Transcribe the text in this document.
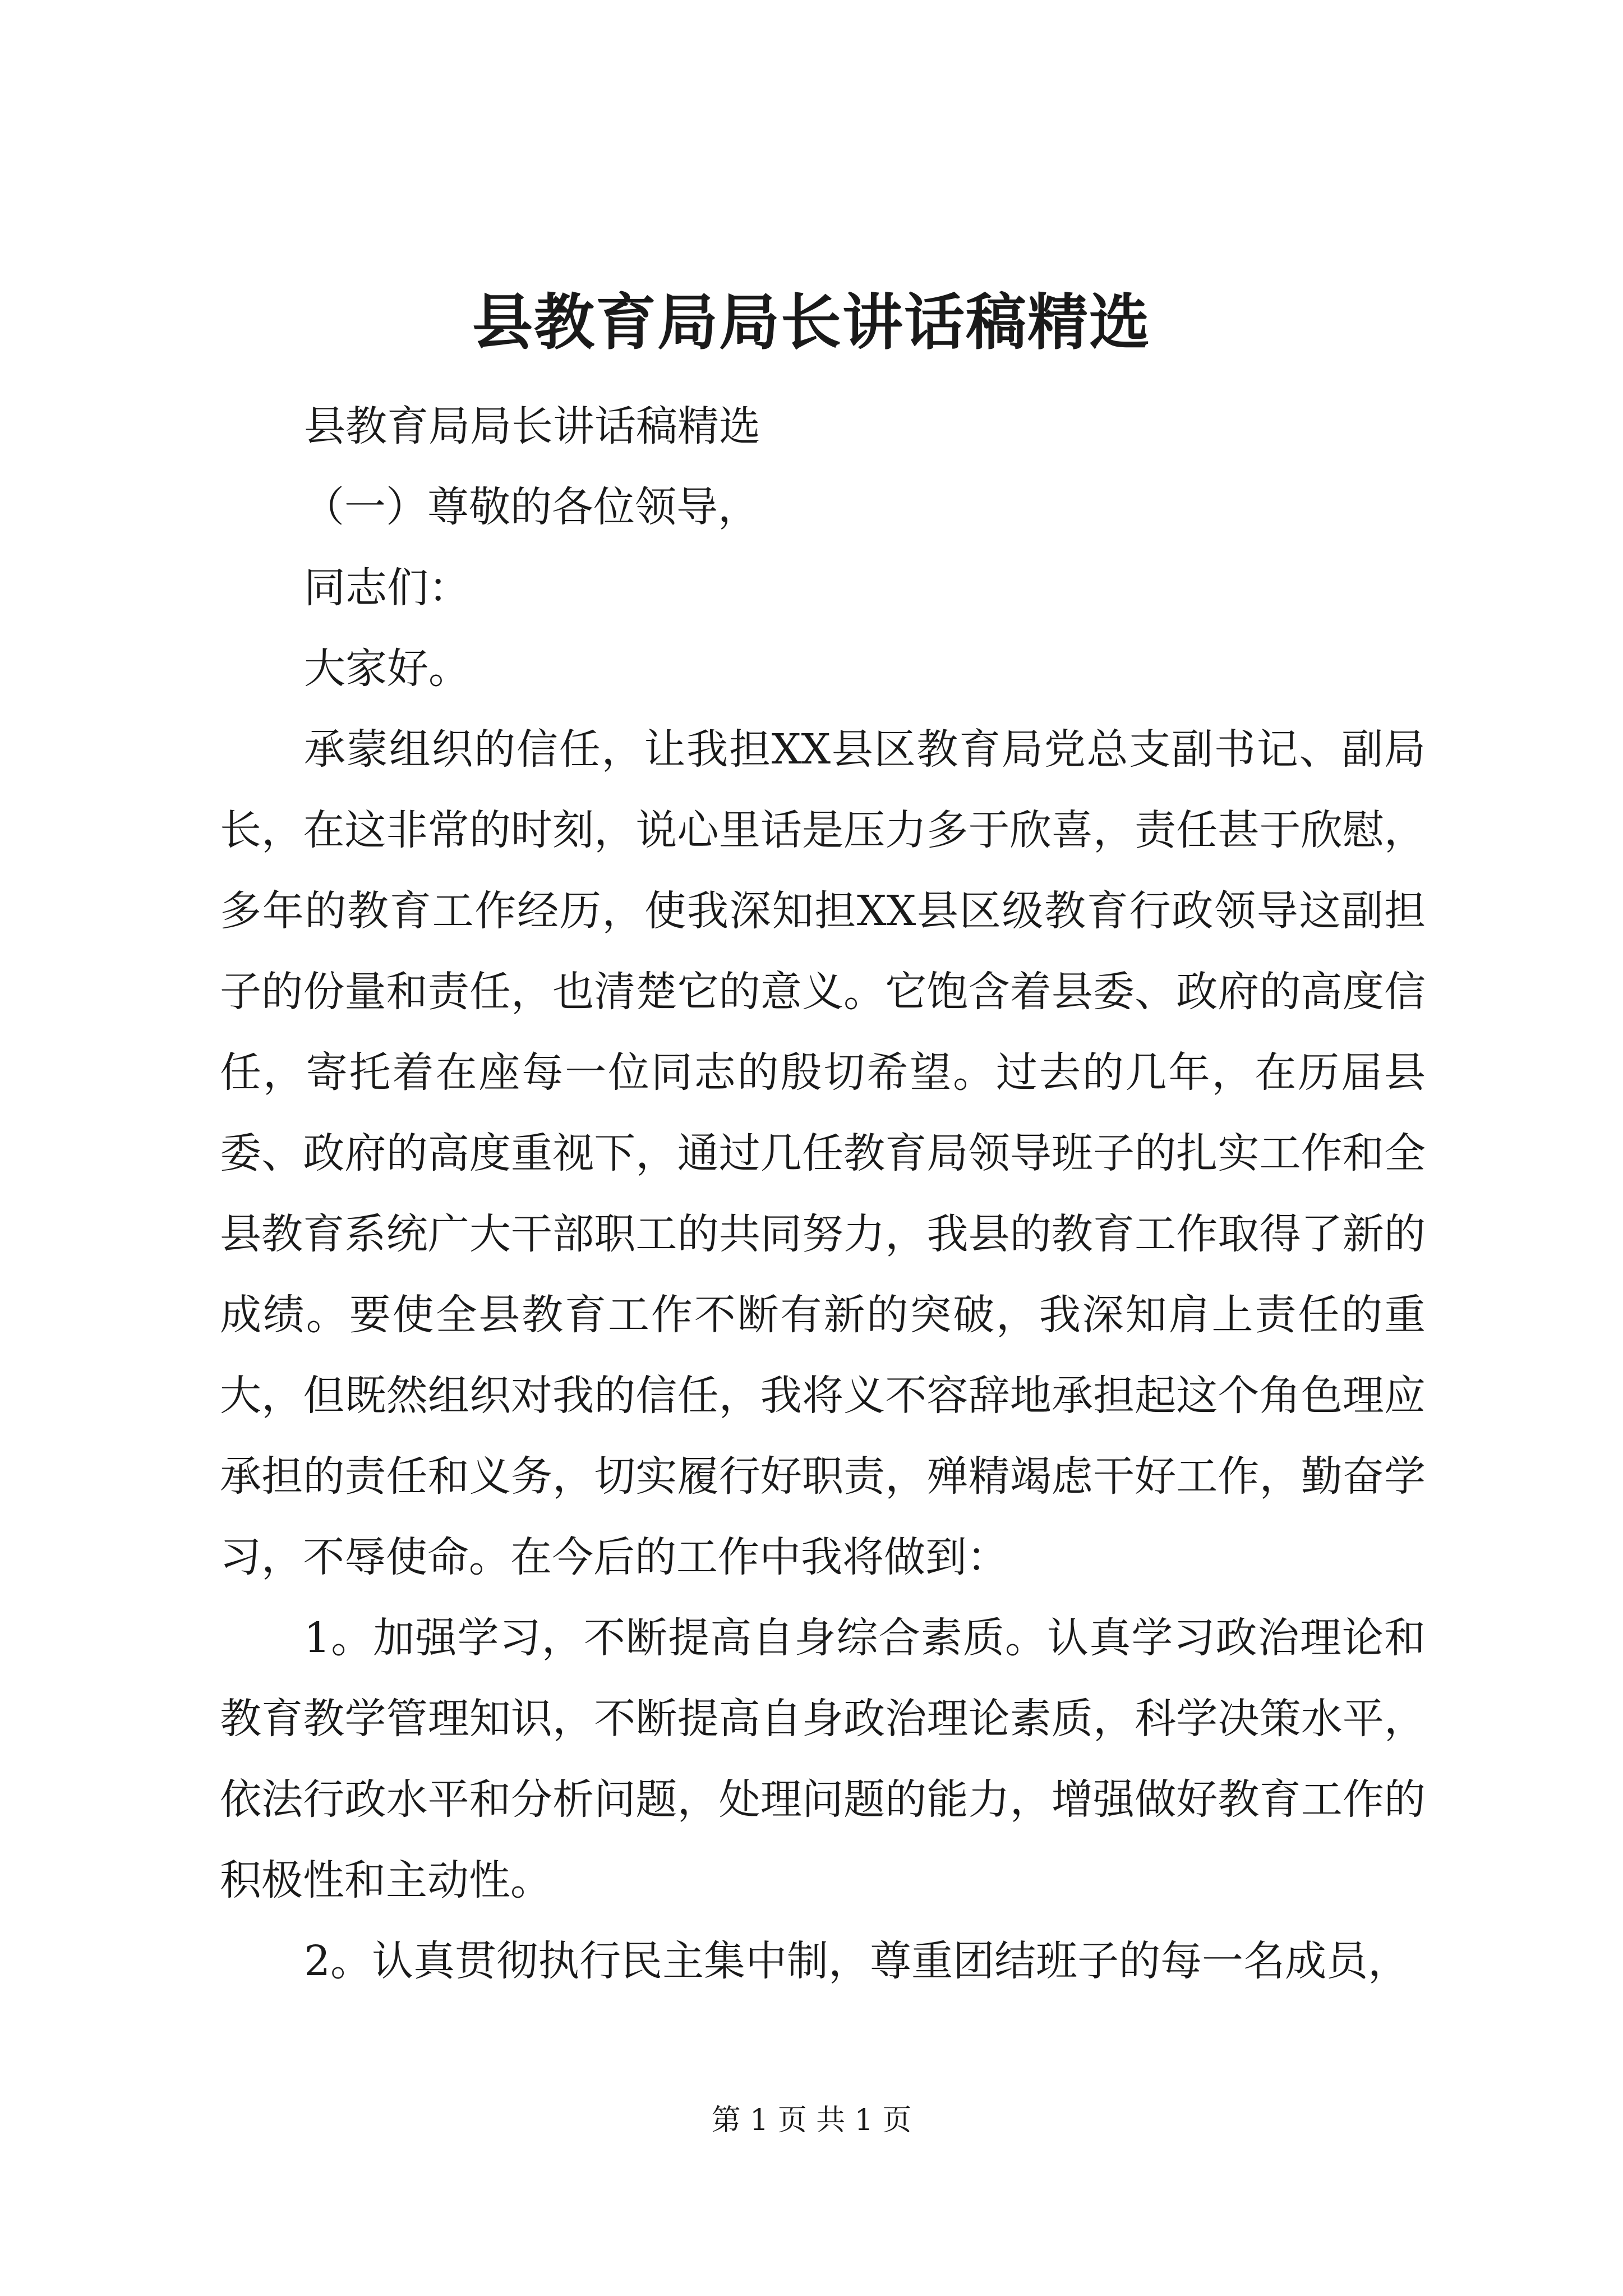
县教育局局长讲话稿精选

县教育局局长讲话稿精选

（一）尊敬的各位领导，

同志们：

大家好。

承蒙组织的信任，让我担XX县区教育局党总支副书记、副局长，在这非常的时刻，说心里话是压力多于欣喜，责任甚于欣慰，多年的教育工作经历，使我深知担XX县区级教育行政领导这副担子的份量和责任，也清楚它的意义。它饱含着县委、政府的高度信任，寄托着在座每一位同志的殷切希望。过去的几年，在历届县委、政府的高度重视下，通过几任教育局领导班子的扎实工作和全县教育系统广大干部职工的共同努力，我县的教育工作取得了新的成绩。要使全县教育工作不断有新的突破，我深知肩上责任的重大，但既然组织对我的信任，我将义不容辞地承担起这个角色理应承担的责任和义务，切实履行好职责，殚精竭虑干好工作，勤奋学习，不辱使命。在今后的工作中我将做到：

1。加强学习，不断提高自身综合素质。认真学习政治理论和教育教学管理知识，不断提高自身政治理论素质，科学决策水平，依法行政水平和分析问题，处理问题的能力，增强做好教育工作的积极性和主动性。

2。认真贯彻执行民主集中制，尊重团结班子的每一名成员，

第 1 页 共 1 页
